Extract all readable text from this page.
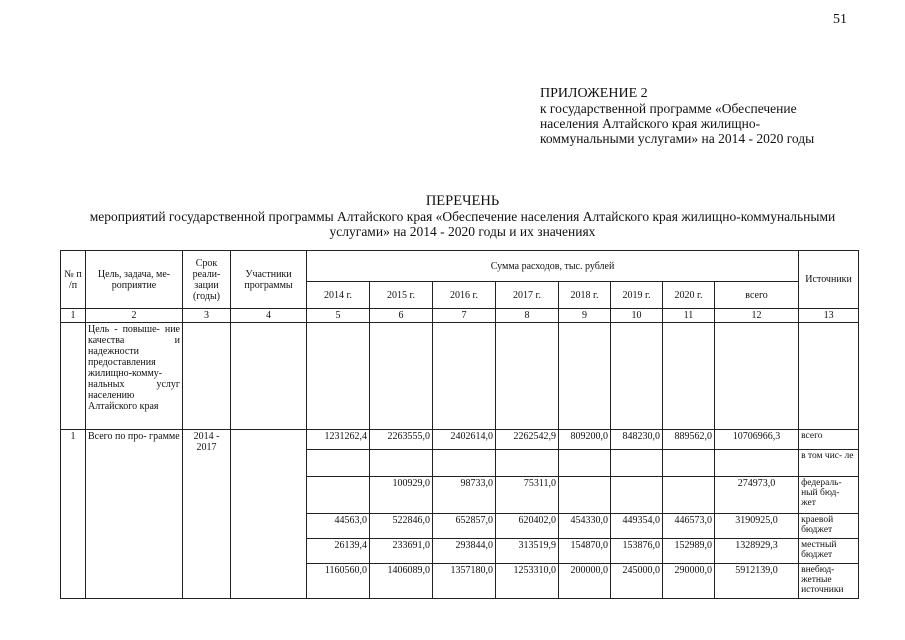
51
ПРИЛОЖЕНИЕ 2
к государственной программе «Обеспечение
населения Алтайского края жилищно-
коммунальными услугами» на 2014 - 2020 годы
ПЕРЕЧЕНЬ
мероприятий государственной программы Алтайского края «Обеспечение населения Алтайского края жилищно-коммунальными услугами» на 2014 - 2020 годы и их значениях
№ п /п	Цель, задача, ме- роприятие	Срок реали- зации (годы)	Участники программы	Сумма расходов, тыс. рублей								Источники
				2014 г.	2015 г.	2016 г.	2017 г.	2018 г.	2019 г.	2020 г.	всего	
1	2	3	4	5	6	7	8	9	10	11	12	13
	Цель - повыше- ние качества и надежности предоставления жилищно-комму- нальных услуг населению Алтайского края											
1	Всего по про- грамме	2014 - 2017		1231262,4	2263555,0	2402614,0	2262542,9	809200,0	848230,0	889562,0	10706966,3	всего
												в том чис- ле
					100929,0	98733,0	75311,0				274973,0	федераль- ный бюд- жет
				44563,0	522846,0	652857,0	620402,0	454330,0	449354,0	446573,0	3190925,0	краевой бюджет
				26139,4	233691,0	293844,0	313519,9	154870,0	153876,0	152989,0	1328929,3	местный бюджет
				1160560,0	1406089,0	1357180,0	1253310,0	200000,0	245000,0	290000,0	5912139,0	внебюд- жетные источники
